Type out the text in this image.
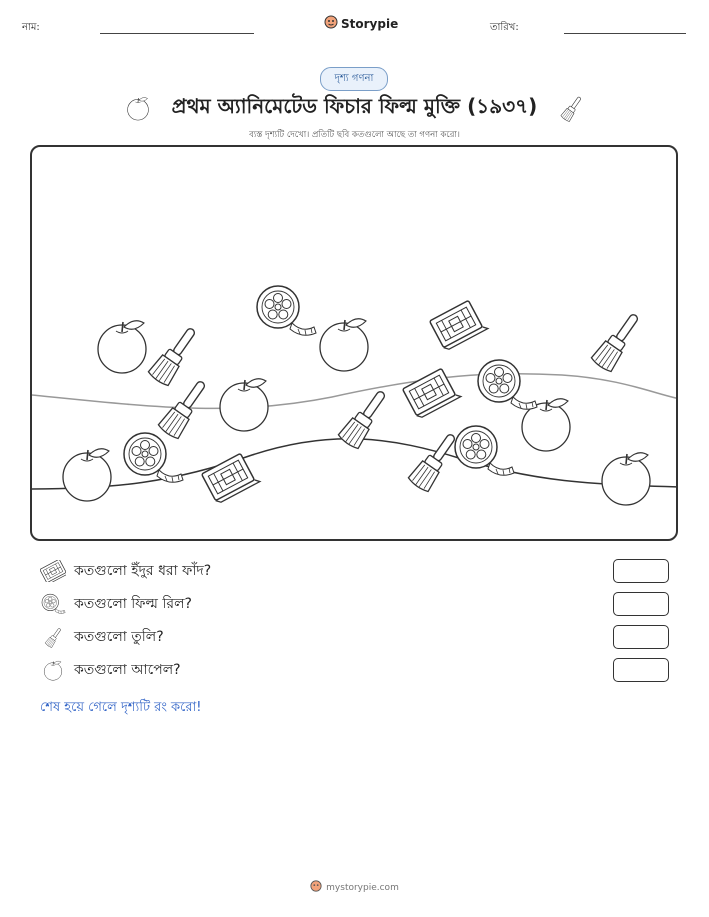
নাম:	Storypie	তারিখ:
দৃশ্য গণনা
প্রথম অ্যানিমেটেড ফিচার ফিল্ম মুক্তি (১৯৩৭)
ব্যস্ত দৃশ্যটি দেখো। প্রতিটি ছবি কতগুলো আছে তা গণনা করো।
কতগুলো ইঁদুর ধরা ফাঁদ?
কতগুলো ফিল্ম রিল?
কতগুলো তুলি?
কতগুলো আপেল?
শেষ হয়ে গেলে দৃশ্যটি রং করো!
mystorypie.com
